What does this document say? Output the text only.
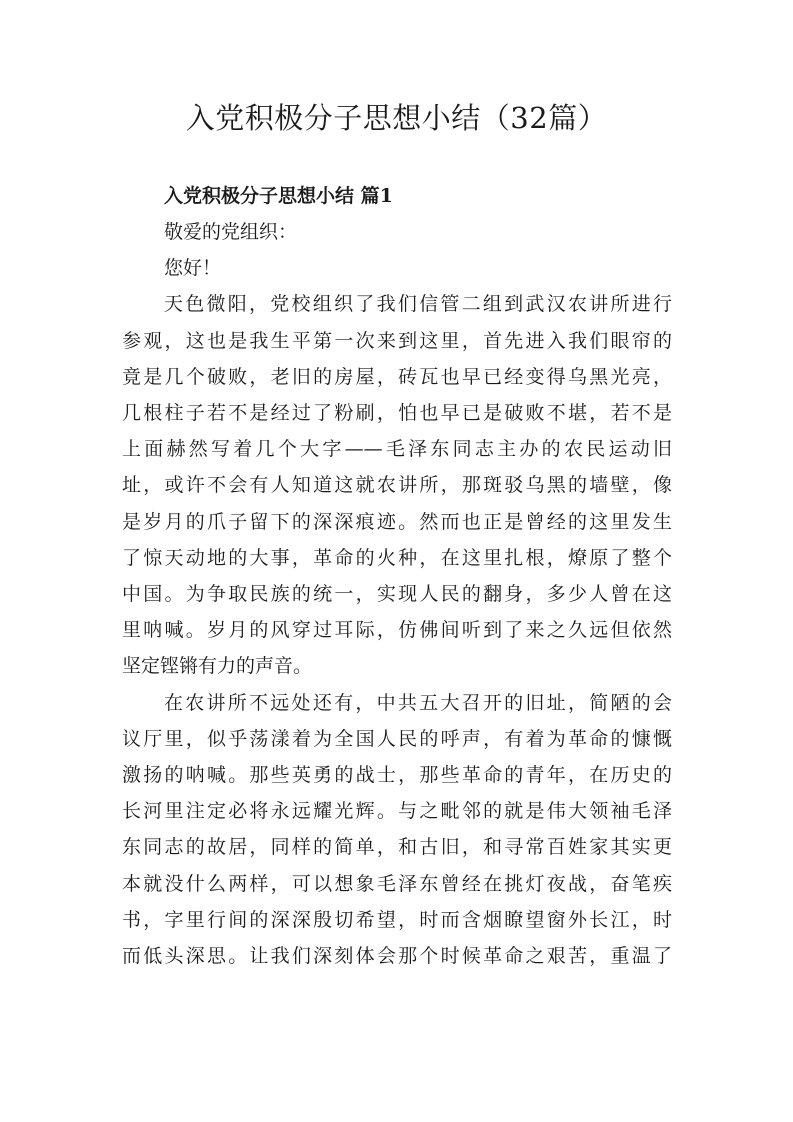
入党积极分子思想小结（32篇）

入党积极分子思想小结 篇1

敬爱的党组织：

您好！

天色微阳，党校组织了我们信管二组到武汉农讲所进行

参观，这也是我生平第一次来到这里，首先进入我们眼帘的

竟是几个破败，老旧的房屋，砖瓦也早已经变得乌黑光亮，

几根柱子若不是经过了粉刷，怕也早已是破败不堪，若不是

上面赫然写着几个大字——毛泽东同志主办的农民运动旧

址，或许不会有人知道这就农讲所，那斑驳乌黑的墙壁，像

是岁月的爪子留下的深深痕迹。然而也正是曾经的这里发生

了惊天动地的大事，革命的火种，在这里扎根，燎原了整个

中国。为争取民族的统一，实现人民的翻身，多少人曾在这

里呐喊。岁月的风穿过耳际，仿佛间听到了来之久远但依然

坚定铿锵有力的声音。

在农讲所不远处还有，中共五大召开的旧址，简陋的会

议厅里，似乎荡漾着为全国人民的呼声，有着为革命的慷慨

激扬的呐喊。那些英勇的战士，那些革命的青年，在历史的

长河里注定必将永远耀光辉。与之毗邻的就是伟大领袖毛泽

东同志的故居，同样的简单，和古旧，和寻常百姓家其实更

本就没什么两样，可以想象毛泽东曾经在挑灯夜战，奋笔疾

书，字里行间的深深殷切希望，时而含烟瞭望窗外长江，时

而低头深思。让我们深刻体会那个时候革命之艰苦，重温了
